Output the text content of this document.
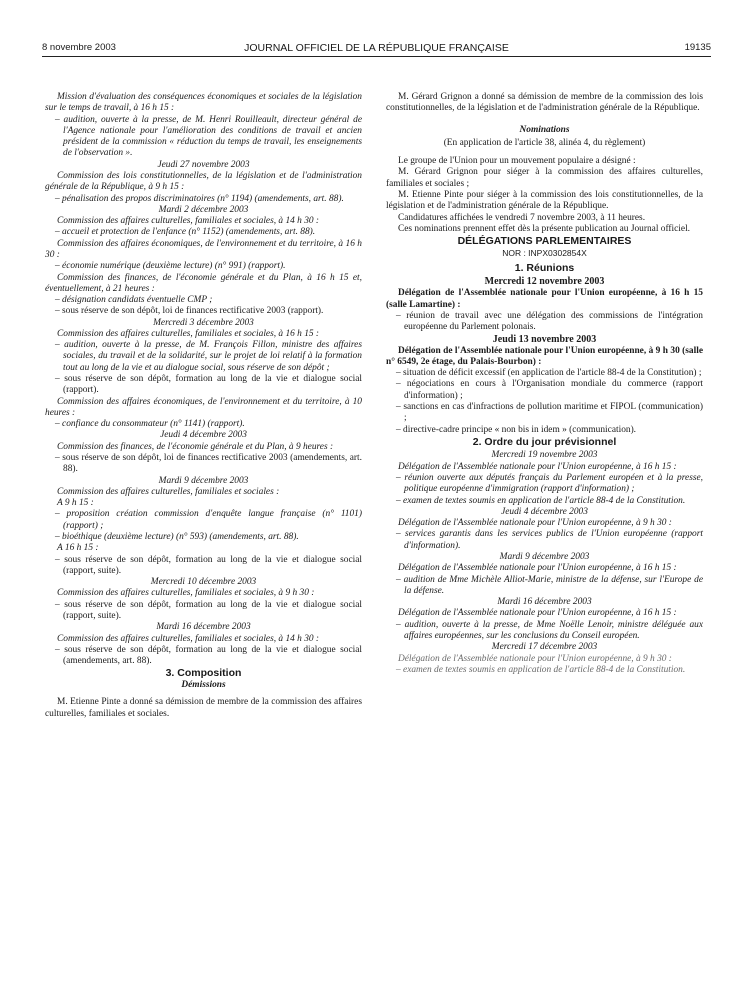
8 novembre 2003	JOURNAL OFFICIEL DE LA RÉPUBLIQUE FRANÇAISE	19135

Mission d'évaluation des conséquences économiques et sociales de la législation sur le temps de travail, à 16 h 15 :

– audition, ouverte à la presse, de M. Henri Rouilleault, directeur général de l'Agence nationale pour l'amélioration des conditions de travail et ancien président de la commission « réduction du temps de travail, les enseignements de l'observation ».

Jeudi 27 novembre 2003

Commission des lois constitutionnelles, de la législation et de l'administration générale de la République, à 9 h 15 :

– pénalisation des propos discriminatoires (n° 1194) (amendements, art. 88).

Mardi 2 décembre 2003

Commission des affaires culturelles, familiales et sociales, à 14 h 30 :

– accueil et protection de l'enfance (n° 1152) (amendements, art. 88).

Commission des affaires économiques, de l'environnement et du territoire, à 16 h 30 :

– économie numérique (deuxième lecture) (n° 991) (rapport).

Commission des finances, de l'économie générale et du Plan, à 16 h 15 et, éventuellement, à 21 heures :

– désignation candidats éventuelle CMP ;

– sous réserve de son dépôt, loi de finances rectificative 2003 (rapport).

Mercredi 3 décembre 2003

Commission des affaires culturelles, familiales et sociales, à 16 h 15 :

– audition, ouverte à la presse, de M. François Fillon, ministre des affaires sociales, du travail et de la solidarité, sur le projet de loi relatif à la formation tout au long de la vie et au dialogue social, sous réserve de son dépôt ;

– sous réserve de son dépôt, formation au long de la vie et dialogue social (rapport).

Commission des affaires économiques, de l'environnement et du territoire, à 10 heures :

– confiance du consommateur (n° 1141) (rapport).

Jeudi 4 décembre 2003

Commission des finances, de l'économie générale et du Plan, à 9 heures :

– sous réserve de son dépôt, loi de finances rectificative 2003 (amendements, art. 88).

Mardi 9 décembre 2003

Commission des affaires culturelles, familiales et sociales :

A 9 h 15 :

– proposition création commission d'enquête langue française (n° 1101) (rapport) ;

– bioéthique (deuxième lecture) (n° 593) (amendements, art. 88).

A 16 h 15 :

– sous réserve de son dépôt, formation au long de la vie et dialogue social (rapport, suite).

Mercredi 10 décembre 2003

Commission des affaires culturelles, familiales et sociales, à 9 h 30 :

– sous réserve de son dépôt, formation au long de la vie et dialogue social (rapport, suite).

Mardi 16 décembre 2003

Commission des affaires culturelles, familiales et sociales, à 14 h 30 :

– sous réserve de son dépôt, formation au long de la vie et dialogue social (amendements, art. 88).

3. Composition

Démissions

M. Etienne Pinte a donné sa démission de membre de la commission des affaires culturelles, familiales et sociales.

M. Gérard Grignon a donné sa démission de membre de la commission des lois constitutionnelles, de la législation et de l'administration générale de la République.

Nominations

(En application de l'article 38, alinéa 4, du règlement)

Le groupe de l'Union pour un mouvement populaire a désigné :

M. Gérard Grignon pour siéger à la commission des affaires culturelles, familiales et sociales ;

M. Etienne Pinte pour siéger à la commission des lois constitutionnelles, de la législation et de l'administration générale de la République.

Candidatures affichées le vendredi 7 novembre 2003, à 11 heures.

Ces nominations prennent effet dès la présente publication au Journal officiel.

DÉLÉGATIONS PARLEMENTAIRES

NOR : INPX0302854X

1. Réunions

Mercredi 12 novembre 2003

Délégation de l'Assemblée nationale pour l'Union européenne, à 16 h 15 (salle Lamartine) :

– réunion de travail avec une délégation des commissions de l'intégration européenne du Parlement polonais.

Jeudi 13 novembre 2003

Délégation de l'Assemblée nationale pour l'Union européenne, à 9 h 30 (salle n° 6549, 2e étage, du Palais-Bourbon) :

– situation de déficit excessif (en application de l'article 88-4 de la Constitution) ;

– négociations en cours à l'Organisation mondiale du commerce (rapport d'information) ;

– sanctions en cas d'infractions de pollution maritime et FIPOL (communication) ;

– directive-cadre principe « non bis in idem » (communication).

2. Ordre du jour prévisionnel

Mercredi 19 novembre 2003

Délégation de l'Assemblée nationale pour l'Union européenne, à 16 h 15 :

– réunion ouverte aux députés français du Parlement européen et à la presse, politique européenne d'immigration (rapport d'information) ;

– examen de textes soumis en application de l'article 88-4 de la Constitution.

Jeudi 4 décembre 2003

Délégation de l'Assemblée nationale pour l'Union européenne, à 9 h 30 :

– services garantis dans les services publics de l'Union européenne (rapport d'information).

Mardi 9 décembre 2003

Délégation de l'Assemblée nationale pour l'Union européenne, à 16 h 15 :

– audition de Mme Michèle Alliot-Marie, ministre de la défense, sur l'Europe de la défense.

Mardi 16 décembre 2003

Délégation de l'Assemblée nationale pour l'Union européenne, à 16 h 15 :

– audition, ouverte à la presse, de Mme Noëlle Lenoir, ministre déléguée aux affaires européennes, sur les conclusions du Conseil européen.

Mercredi 17 décembre 2003

Délégation de l'Assemblée nationale pour l'Union européenne, à 9 h 30 :

– examen de textes soumis en application de l'article 88-4 de la Constitution.
